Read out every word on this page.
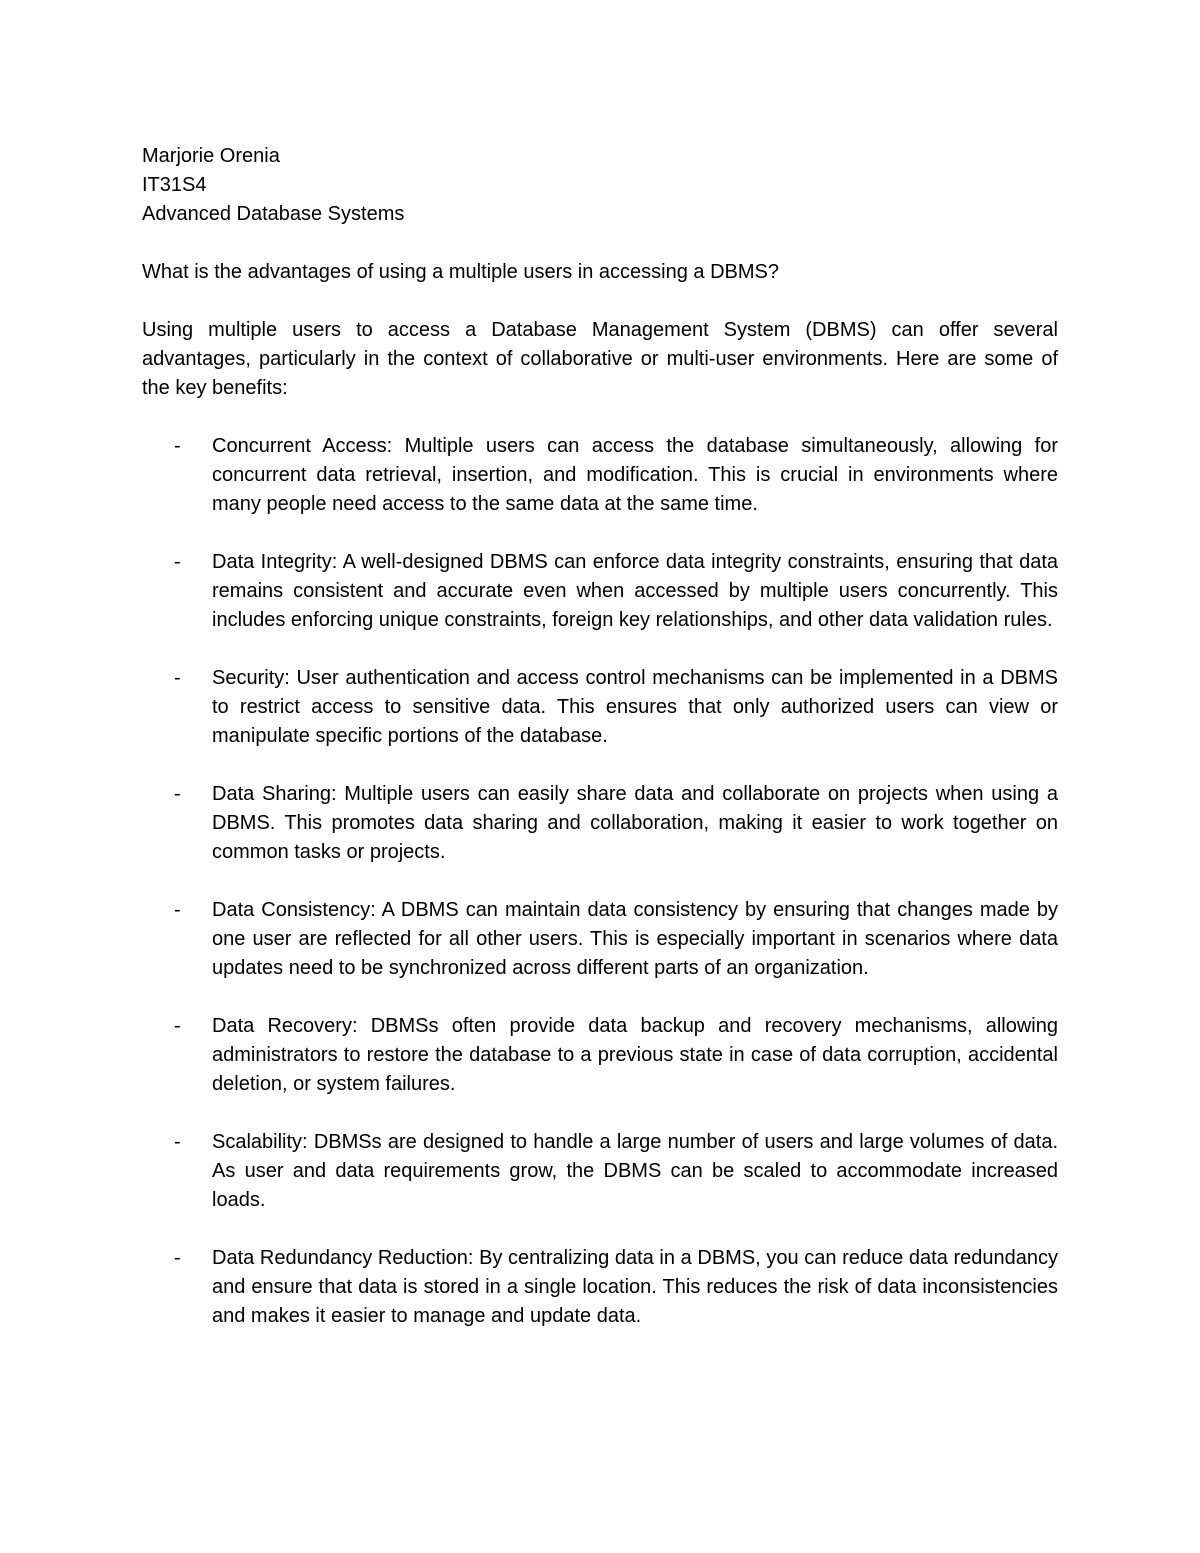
Marjorie Orenia

IT31S4

Advanced Database Systems

What is the advantages of using a multiple users in accessing a DBMS?

Using multiple users to access a Database Management System (DBMS) can offer several advantages, particularly in the context of collaborative or multi-user environments. Here are some of the key benefits:

- Concurrent Access: Multiple users can access the database simultaneously, allowing for concurrent data retrieval, insertion, and modification. This is crucial in environments where many people need access to the same data at the same time.
- Data Integrity: A well-designed DBMS can enforce data integrity constraints, ensuring that data remains consistent and accurate even when accessed by multiple users concurrently. This includes enforcing unique constraints, foreign key relationships, and other data validation rules.
- Security: User authentication and access control mechanisms can be implemented in a DBMS to restrict access to sensitive data. This ensures that only authorized users can view or manipulate specific portions of the database.
- Data Sharing: Multiple users can easily share data and collaborate on projects when using a DBMS. This promotes data sharing and collaboration, making it easier to work together on common tasks or projects.
- Data Consistency: A DBMS can maintain data consistency by ensuring that changes made by one user are reflected for all other users. This is especially important in scenarios where data updates need to be synchronized across different parts of an organization.
- Data Recovery: DBMSs often provide data backup and recovery mechanisms, allowing administrators to restore the database to a previous state in case of data corruption, accidental deletion, or system failures.
- Scalability: DBMSs are designed to handle a large number of users and large volumes of data. As user and data requirements grow, the DBMS can be scaled to accommodate increased loads.
- Data Redundancy Reduction: By centralizing data in a DBMS, you can reduce data redundancy and ensure that data is stored in a single location. This reduces the risk of data inconsistencies and makes it easier to manage and update data.
